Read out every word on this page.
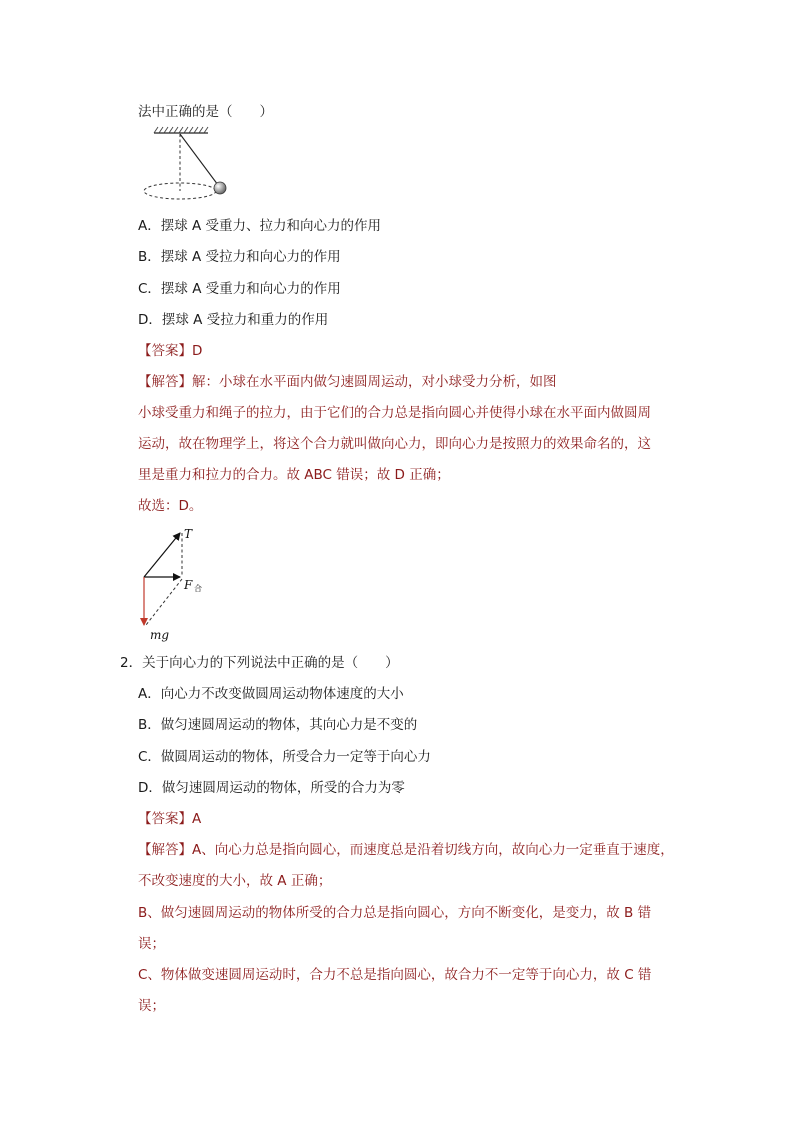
法中正确的是（　　）
A．摆球 A 受重力、拉力和向心力的作用
B．摆球 A 受拉力和向心力的作用
C．摆球 A 受重力和向心力的作用
D．摆球 A 受拉力和重力的作用
【答案】D
【解答】解：小球在水平面内做匀速圆周运动，对小球受力分析，如图
小球受重力和绳子的拉力，由于它们的合力总是指向圆心并使得小球在水平面内做圆周
运动，故在物理学上，将这个合力就叫做向心力，即向心力是按照力的效果命名的，这
里是重力和拉力的合力。故 ABC 错误；故 D 正确；
故选：D。
T
F 合
mg
2．关于向心力的下列说法中正确的是（　　）
A．向心力不改变做圆周运动物体速度的大小
B．做匀速圆周运动的物体，其向心力是不变的
C．做圆周运动的物体，所受合力一定等于向心力
D．做匀速圆周运动的物体，所受的合力为零
【答案】A
【解答】A、向心力总是指向圆心，而速度总是沿着切线方向，故向心力一定垂直于速度，
不改变速度的大小，故 A 正确；
B、做匀速圆周运动的物体所受的合力总是指向圆心，方向不断变化，是变力，故 B 错
误；
C、物体做变速圆周运动时，合力不总是指向圆心，故合力不一定等于向心力，故 C 错
误；
